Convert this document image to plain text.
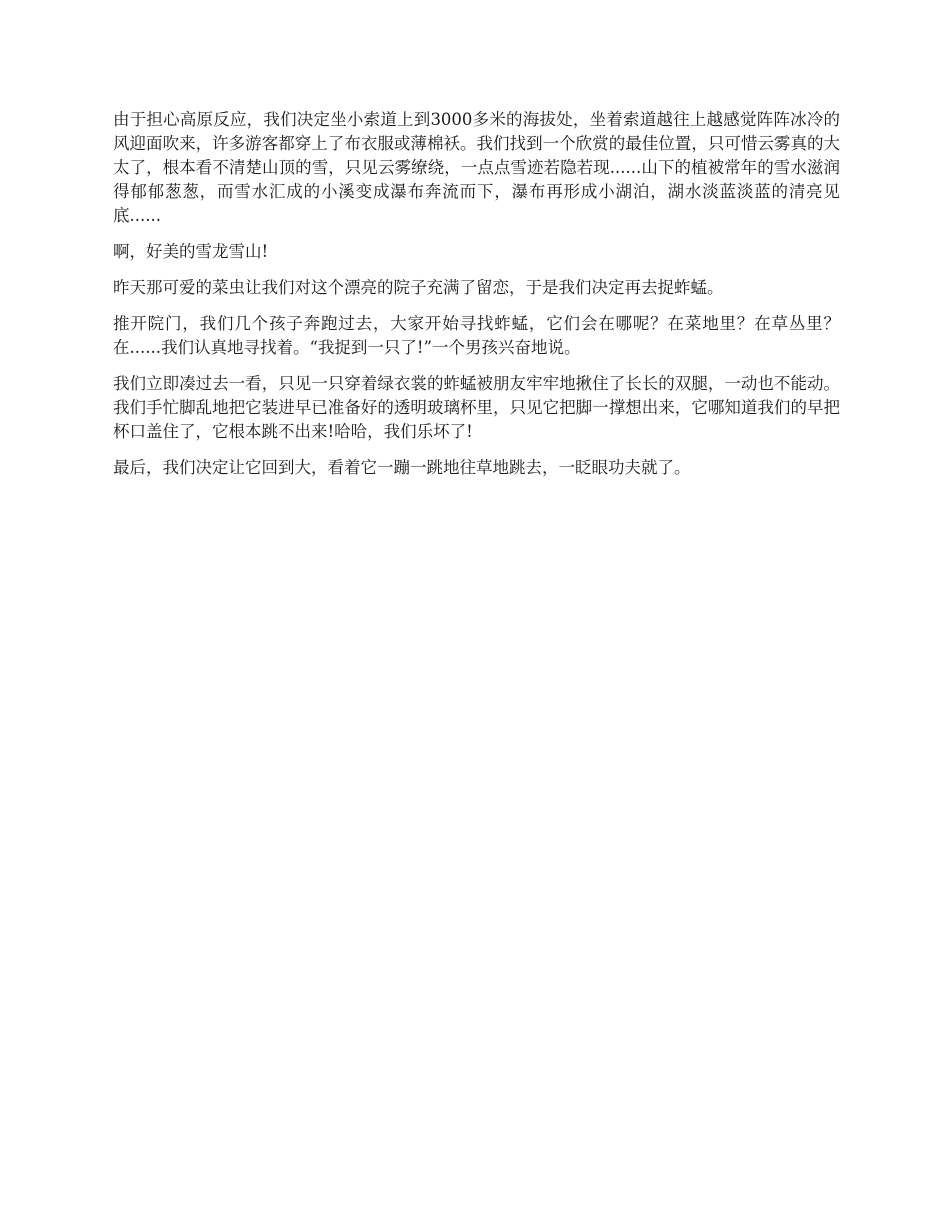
由于担心高原反应，我们决定坐小索道上到3000多米的海拔处，坐着索道越往上越感觉阵阵冰冷的风迎面吹来，许多游客都穿上了布衣服或薄棉袄。我们找到一个欣赏的最佳位置，只可惜云雾真的大太了，根本看不清楚山顶的雪，只见云雾缭绕，一点点雪迹若隐若现......山下的植被常年的雪水滋润得郁郁葱葱，而雪水汇成的小溪变成瀑布奔流而下，瀑布再形成小湖泊，湖水淡蓝淡蓝的清亮见底......

啊，好美的雪龙雪山!

昨天那可爱的菜虫让我们对这个漂亮的院子充满了留恋，于是我们决定再去捉蚱蜢。

推开院门，我们几个孩子奔跑过去，大家开始寻找蚱蜢，它们会在哪呢？在菜地里？在草丛里？在......我们认真地寻找着。“我捉到一只了!”一个男孩兴奋地说。

我们立即凑过去一看，只见一只穿着绿衣裳的蚱蜢被朋友牢牢地揪住了长长的双腿，一动也不能动。我们手忙脚乱地把它装进早已准备好的透明玻璃杯里，只见它把脚一撑想出来，它哪知道我们的早把杯口盖住了，它根本跳不出来!哈哈，我们乐坏了!

最后，我们决定让它回到大，看着它一蹦一跳地往草地跳去，一眨眼功夫就了。
